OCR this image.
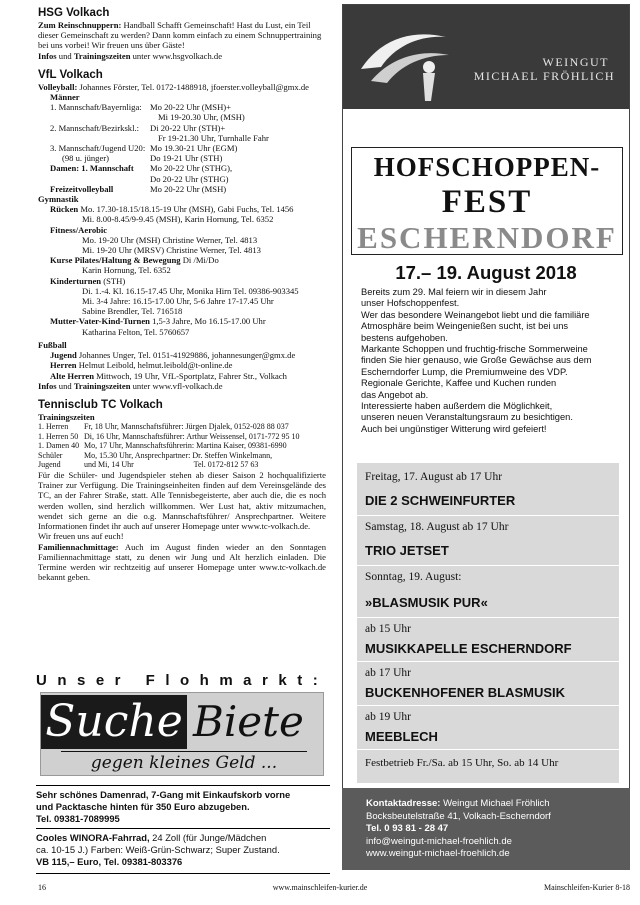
HSG Volkach

Zum Reinschnuppern: Handball Schafft Gemeinschaft! Hast du Lust, ein Teil dieser Gemeinschaft zu werden? Dann komm einfach zu einem Schnuppertraining bei uns vorbei! Wir freuen uns über Gäste!

Infos und Trainingszeiten unter www.hsgvolkach.de

VfL Volkach

Volleyball: Johannes Förster, Tel. 0172-1488918, jfoerster.volleyball@gmx.de

Männer
1. Mannschaft/Bayernliga: Mo 20-22 Uhr (MSH)+
Mi 19-20.30 Uhr, (MSH)
2. Mannschaft/Bezirkskl.:	Di 20-22 Uhr (STH)+
Fr 19-21.30 Uhr, Turnhalle Fahr
3. Mannschaft/Jugend U20: Mo 19.30-21 Uhr (EGM)
(98 u. jünger)	Do 19-21 Uhr (STH)
Damen: 1. Mannschaft	Mo 20-22 Uhr (STHG),
Do 20-22 Uhr (STHG)
Freizeitvolleyball	Mo 20-22 Uhr (MSH)
Gymnastik
Rücken Mo. 17.30-18.15/18.15-19 Uhr (MSH), Gabi Fuchs, Tel. 1456
Mi. 8.00-8.45/9-9.45 (MSH), Karin Hornung, Tel. 6352
Fitness/Aerobic
Mo. 19-20 Uhr (MSH) Christine Werner, Tel. 4813
Mi. 19-20 Uhr (MRSV) Christine Werner, Tel. 4813
Kurse Pilates/Haltung & Bewegung Di /Mi/Do
Karin Hornung, Tel. 6352
Kinderturnen (STH)
Di. 1.-4. Kl. 16.15-17.45 Uhr, Monika Hirn Tel. 09386-903345
Mi. 3-4 Jahre: 16.15-17.00 Uhr, 5-6 Jahre 17-17.45 Uhr
Sabine Brendler, Tel. 716518
Mutter-Vater-Kind-Turnen 1,5-3 Jahre, Mo 16.15-17.00 Uhr
Katharina Felton, Tel. 5760657
Fußball
Jugend Johannes Unger, Tel. 0151-41929886, johannesunger@gmx.de
Herren Helmut Leibold, helmut.leibold@t-online.de
Alte Herren Mittwoch, 19 Uhr, VfL-Sportplatz, Fahrer Str., Volkach

Infos und Trainingszeiten unter www.vfl-volkach.de

Tennisclub TC Volkach
Trainingszeiten
1. Herren	Fr, 18 Uhr, Mannschaftsführer: Jürgen Djalek, 0152-028 88 037
1. Herren 50 Di, 16 Uhr, Mannschaftsführer: Arthur Weissensel, 0171-772 95 10
1. Damen 40 Mo, 17 Uhr, Mannschaftsführerin: Martina Kaiser, 09381-6990
Schüler	Mo, 15.30 Uhr, Ansprechpartner: Dr. Steffen Winkelmann,
Jugend	und Mi, 14 Uhr                              Tel. 0172-812 57 63

Für die Schüler- und Jugendspieler stehen ab dieser Saison 2 hochqualifizierte Trainer zur Verfügung. Die Trainingseinheiten finden auf dem Vereinsgelände des TC, an der Fahrer Straße, statt. Alle Tennisbegeisterte, aber auch die, die es noch werden wollen, sind herzlich willkommen. Wer Lust hat, aktiv mitzumachen, wendet sich gerne an die o.g. Mannschaftsführer/ Ansprechpartner. Weitere Informationen findet ihr auch auf unserer Homepage unter www.tc-volkach.de.

Wir freuen uns auf euch!

Familiennachmittage: Auch im August finden wieder an den Sonntagen Familiennachmittage statt, zu denen wir Jung und Alt herzlich einladen. Die Termine werden wir rechtzeitig auf unserer Homepage unter www.tc-volkach.de bekannt geben.

Unser Flohmarkt:
Suche Biete
gegen kleines Geld ...
Sehr schönes Damenrad, 7-Gang mit Einkaufskorb vorne
und Packtasche hinten für 350 Euro abzugeben.
Tel. 09381-7089995
Cooles WINORA-Fahrrad, 24 Zoll (für Junge/Mädchen
ca. 10-15 J.) Farben: Weiß-Grün-Schwarz; Super Zustand.
VB 115,– Euro, Tel. 09381-803376
WEINGUT
MICHAEL FRÖHLICH
HOFSCHOPPEN-
FEST
ESCHERNDORF
17.– 19. August 2018
Bereits zum 29. Mal feiern wir in diesem Jahr
unser Hofschoppenfest.
Wer das besondere Weinangebot liebt und die familiäre
Atmosphäre beim Weingenießen sucht, ist bei uns
bestens aufgehoben.
Markante Schoppen und fruchtig-frische Sommerweine
finden Sie hier genauso, wie Große Gewächse aus dem
Escherndorfer Lump, die Premiumweine des VDP.
Regionale Gerichte, Kaffee und Kuchen runden
das Angebot ab.
Interessierte haben außerdem die Möglichkeit,
unseren neuen Veranstaltungsraum zu besichtigen.
Auch bei ungünstiger Witterung wird gefeiert!
Freitag, 17. August ab 17 Uhr
DIE 2 SCHWEINFURTER
Samstag, 18. August ab 17 Uhr
TRIO JETSET
Sonntag, 19. August:
»BLASMUSIK PUR«
ab 15 Uhr
MUSIKKAPELLE ESCHERNDORF
ab 17 Uhr
BUCKENHOFENER BLASMUSIK
ab 19 Uhr
MEEBLECH
Festbetrieb Fr./Sa. ab 15 Uhr, So. ab 14 Uhr
Kontaktadresse: Weingut Michael Fröhlich
Bocksbeutelstraße 41, Volkach-Escherndorf
Tel. 0 93 81 - 28 47
info@weingut-michael-froehlich.de
www.weingut-michael-froehlich.de
16	www.mainschleifen-kurier.de	Mainschleifen-Kurier 8-18
